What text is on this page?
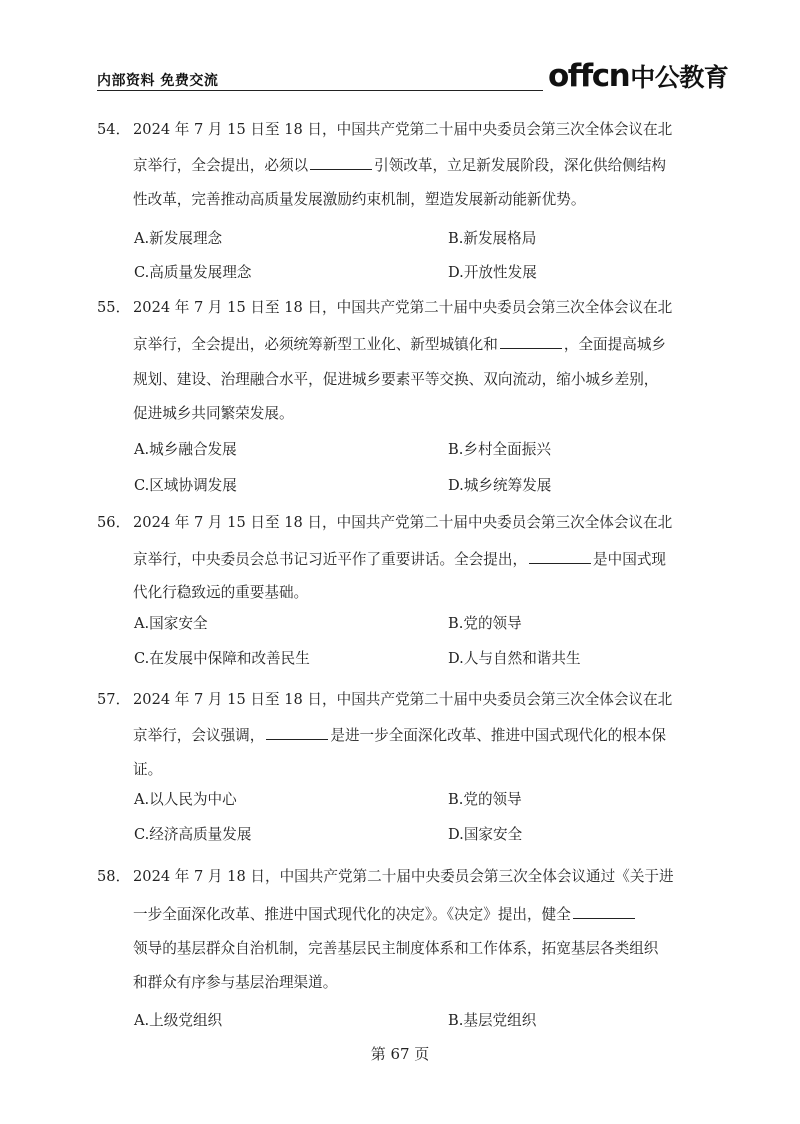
内部资料 免费交流	offcn 中公教育
54． 2024 年 7 月 15 日至 18 日，中国共产党第二十届中央委员会第三次全体会议在北
京举行，全会提出，必须以	引领改革，立足新发展阶段，深化供给侧结构
性改革，完善推动高质量发展激励约束机制，塑造发展新动能新优势。
A.新发展理念	B.新发展格局
C.高质量发展理念	D.开放性发展
55． 2024 年 7 月 15 日至 18 日，中国共产党第二十届中央委员会第三次全体会议在北
京举行，全会提出，必须统筹新型工业化、新型城镇化和	，全面提高城乡
规划、建设、治理融合水平，促进城乡要素平等交换、双向流动，缩小城乡差别，
促进城乡共同繁荣发展。
A.城乡融合发展	B.乡村全面振兴
C.区域协调发展	D.城乡统筹发展
56． 2024 年 7 月 15 日至 18 日，中国共产党第二十届中央委员会第三次全体会议在北
京举行，中央委员会总书记习近平作了重要讲话。全会提出，	是中国式现
代化行稳致远的重要基础。
A.国家安全	B.党的领导
C.在发展中保障和改善民生	D.人与自然和谐共生
57． 2024 年 7 月 15 日至 18 日，中国共产党第二十届中央委员会第三次全体会议在北
京举行，会议强调，	是进一步全面深化改革、推进中国式现代化的根本保
证。
A.以人民为中心	B.党的领导
C.经济高质量发展	D.国家安全
58． 2024 年 7 月 18 日，中国共产党第二十届中央委员会第三次全体会议通过《关于进
一步全面深化改革、推进中国式现代化的决定》。《决定》提出，健全
领导的基层群众自治机制，完善基层民主制度体系和工作体系，拓宽基层各类组织
和群众有序参与基层治理渠道。
A.上级党组织	B.基层党组织
第 67 页
